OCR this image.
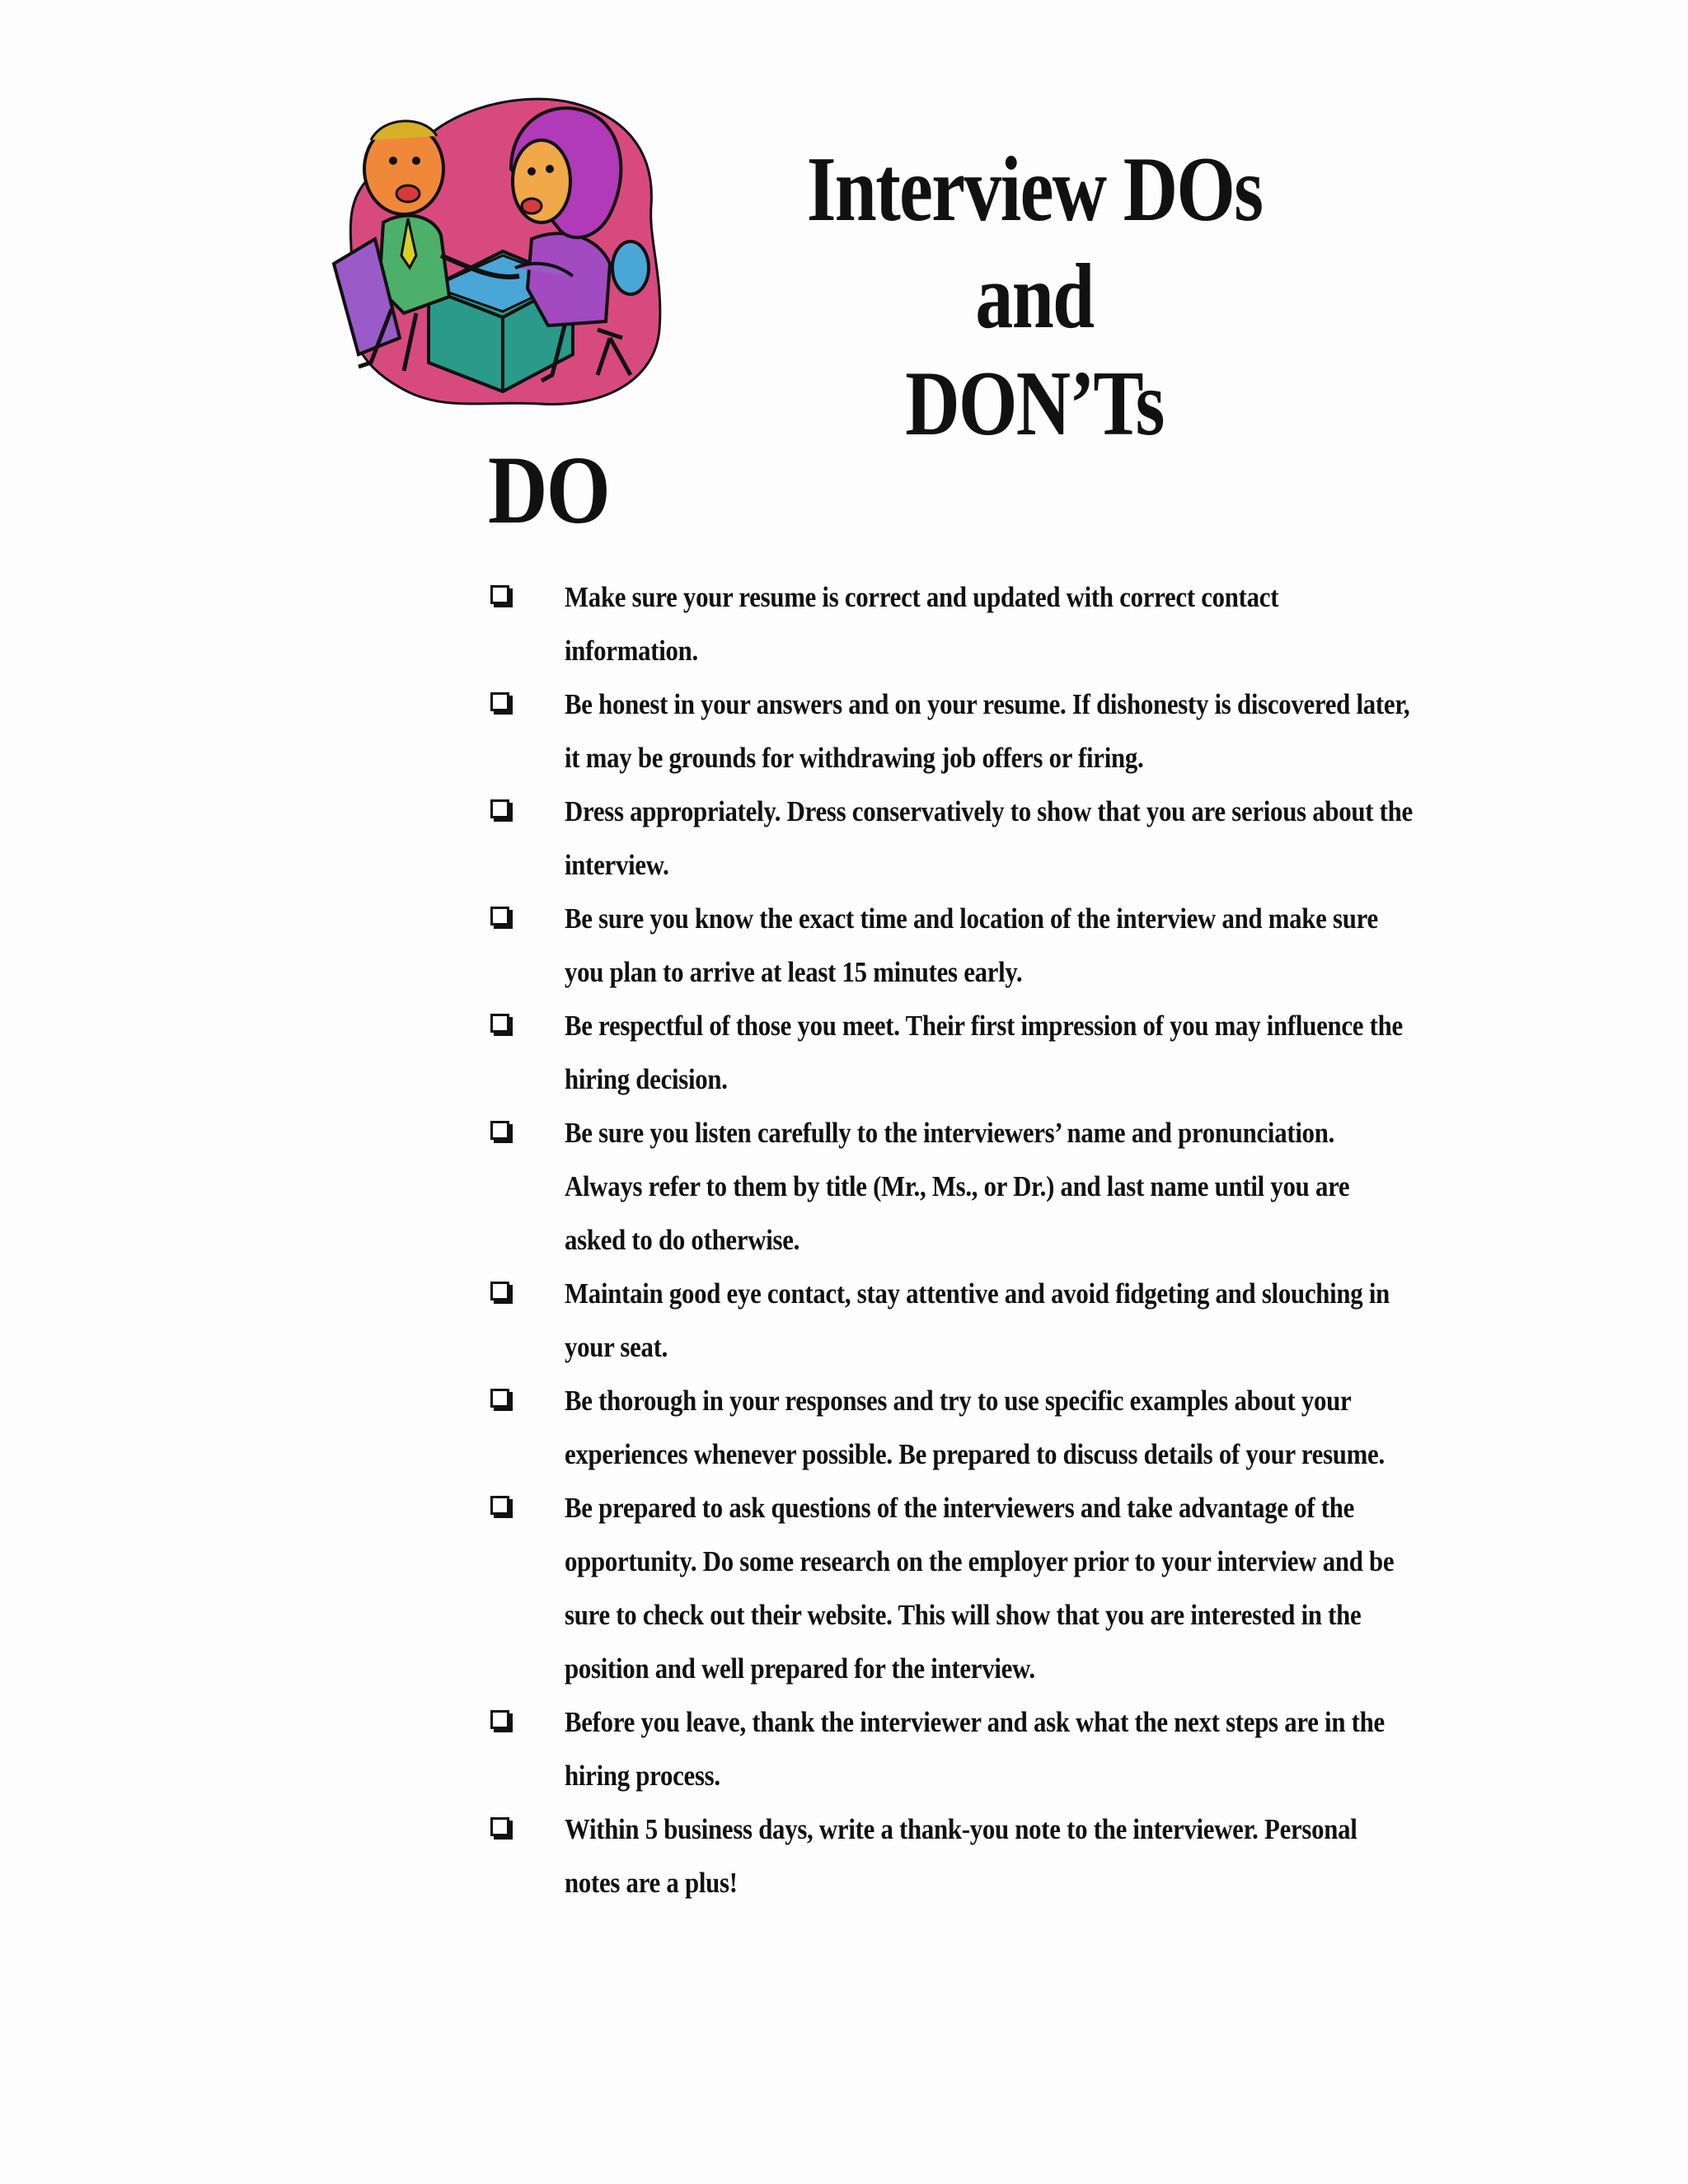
Interview DOs and
DON’Ts
DO
Make sure your resume is correct and updated with correct contact information.
Be honest in your answers and on your resume. If dishonesty is discovered later, it may be grounds for withdrawing job offers or firing.
Dress appropriately. Dress conservatively to show that you are serious about the interview.
Be sure you know the exact time and location of the interview and make sure you plan to arrive at least 15 minutes early.
Be respectful of those you meet. Their first impression of you may influence the hiring decision.
Be sure you listen carefully to the interviewers’ name and pronunciation. Always refer to them by title (Mr., Ms., or Dr.) and last name until you are asked to do otherwise.
Maintain good eye contact, stay attentive and avoid fidgeting and slouching in your seat.
Be thorough in your responses and try to use specific examples about your experiences whenever possible. Be prepared to discuss details of your resume.
Be prepared to ask questions of the interviewers and take advantage of the opportunity. Do some research on the employer prior to your interview and be sure to check out their website. This will show that you are interested in the position and well prepared for the interview.
Before you leave, thank the interviewer and ask what the next steps are in the hiring process.
Within 5 business days, write a thank-you note to the interviewer. Personal notes are a plus!
